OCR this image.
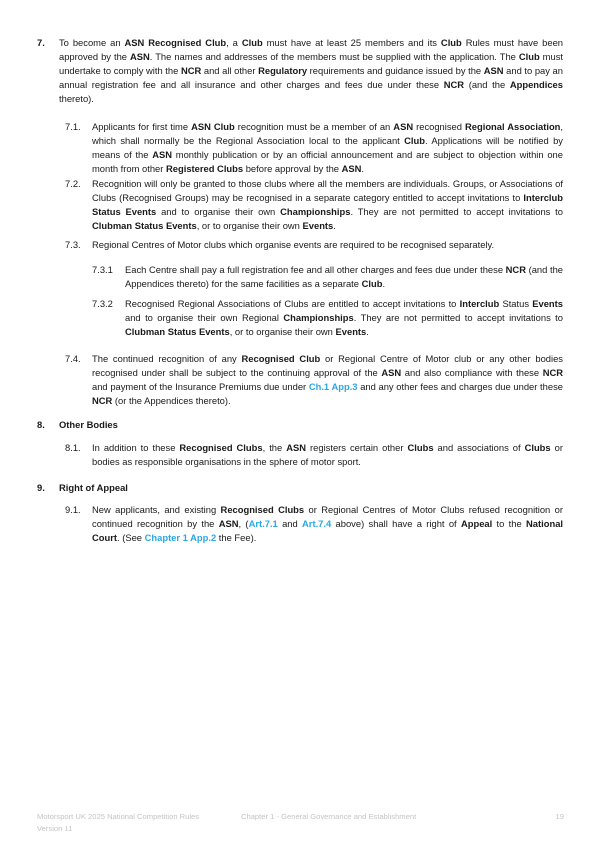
7. To become an ASN Recognised Club, a Club must have at least 25 members and its Club Rules must have been approved by the ASN. The names and addresses of the members must be supplied with the application. The Club must undertake to comply with the NCR and all other Regulatory requirements and guidance issued by the ASN and to pay an annual registration fee and all insurance and other charges and fees due under these NCR (and the Appendices thereto).
7.1. Applicants for first time ASN Club recognition must be a member of an ASN recognised Regional Association, which shall normally be the Regional Association local to the applicant Club. Applications will be notified by means of the ASN monthly publication or by an official announcement and are subject to objection within one month from other Registered Clubs before approval by the ASN.
7.2. Recognition will only be granted to those clubs where all the members are individuals. Groups, or Associations of Clubs (Recognised Groups) may be recognised in a separate category entitled to accept invitations to Interclub Status Events and to organise their own Championships. They are not permitted to accept invitations to Clubman Status Events, or to organise their own Events.
7.3. Regional Centres of Motor clubs which organise events are required to be recognised separately.
7.3.1 Each Centre shall pay a full registration fee and all other charges and fees due under these NCR (and the Appendices thereto) for the same facilities as a separate Club.
7.3.2 Recognised Regional Associations of Clubs are entitled to accept invitations to Interclub Status Events and to organise their own Regional Championships. They are not permitted to accept invitations to Clubman Status Events, or to organise their own Events.
7.4. The continued recognition of any Recognised Club or Regional Centre of Motor club or any other bodies recognised under shall be subject to the continuing approval of the ASN and also compliance with these NCR and payment of the Insurance Premiums due under Ch.1 App.3 and any other fees and charges due under these NCR (or the Appendices thereto).
8. Other Bodies
8.1. In addition to these Recognised Clubs, the ASN registers certain other Clubs and associations of Clubs or bodies as responsible organisations in the sphere of motor sport.
9. Right of Appeal
9.1. New applicants, and existing Recognised Clubs or Regional Centres of Motor Clubs refused recognition or continued recognition by the ASN, (Art.7.1 and Art.7.4 above) shall have a right of Appeal to the National Court. (See Chapter 1 App.2 the Fee).
Motorsport UK 2025 National Competition Rules
Version 11
Chapter 1 - General Governance and Establishment	19
